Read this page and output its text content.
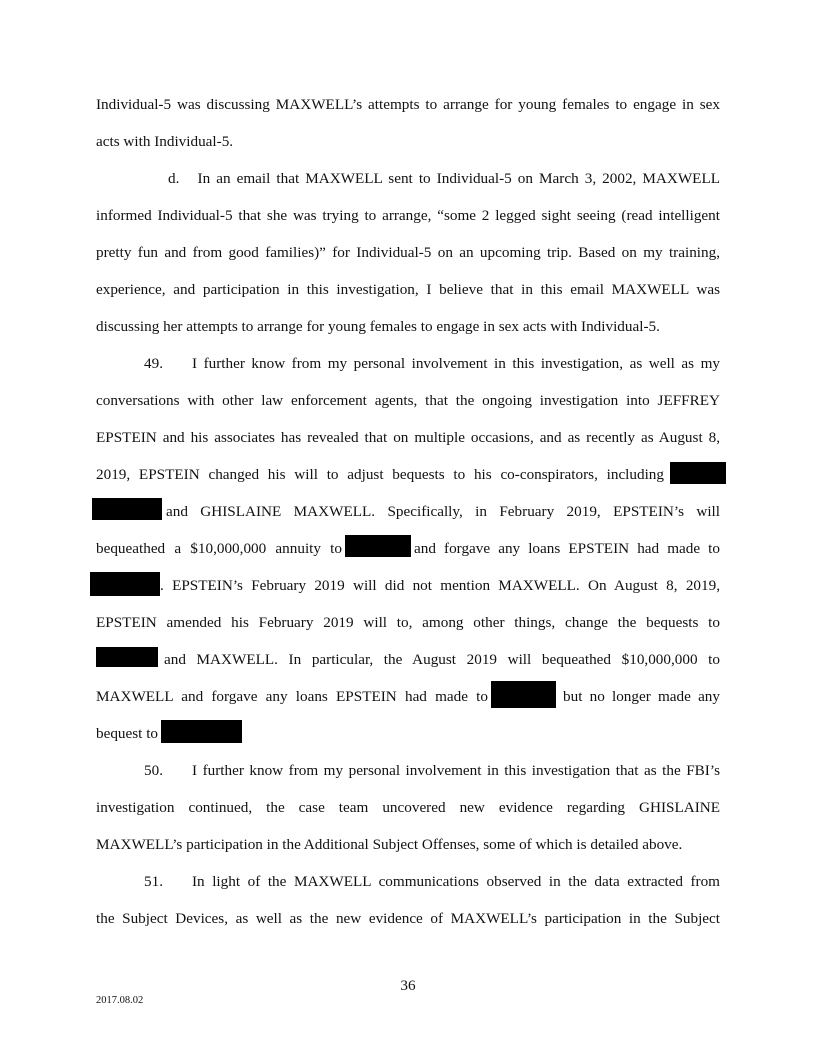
Individual-5 was discussing MAXWELL’s attempts to arrange for young females to engage in sex
acts with Individual-5.
d.   In an email that MAXWELL sent to Individual-5 on March 3, 2002, MAXWELL
informed Individual-5 that she was trying to arrange, “some 2 legged sight seeing (read intelligent
pretty fun and from good families)” for Individual-5 on an upcoming trip. Based on my training,
experience, and participation in this investigation, I believe that in this email MAXWELL was
discussing her attempts to arrange for young females to engage in sex acts with Individual-5.
49.	I further know from my personal involvement in this investigation, as well as my
conversations with other law enforcement agents, that the ongoing investigation into JEFFREY
EPSTEIN and his associates has revealed that on multiple occasions, and as recently as August 8,
2019, EPSTEIN changed his will to adjust bequests to his co-conspirators, including
and GHISLAINE MAXWELL. Specifically, in February 2019, EPSTEIN’s will
bequeathed a $10,000,000 annuity to	and forgave any loans EPSTEIN had made to
. EPSTEIN’s February 2019 will did not mention MAXWELL. On August 8, 2019,
EPSTEIN amended his February 2019 will to, among other things, change the bequests to
and MAXWELL. In particular, the August 2019 will bequeathed $10,000,000 to
MAXWELL and forgave any loans EPSTEIN had made to	but no longer made any
bequest to
50.	I further know from my personal involvement in this investigation that as the FBI’s
investigation continued, the case team uncovered new evidence regarding GHISLAINE
MAXWELL’s participation in the Additional Subject Offenses, some of which is detailed above.
51.	In light of the MAXWELL communications observed in the data extracted from
the Subject Devices, as well as the new evidence of MAXWELL’s participation in the Subject
36
2017.08.02
